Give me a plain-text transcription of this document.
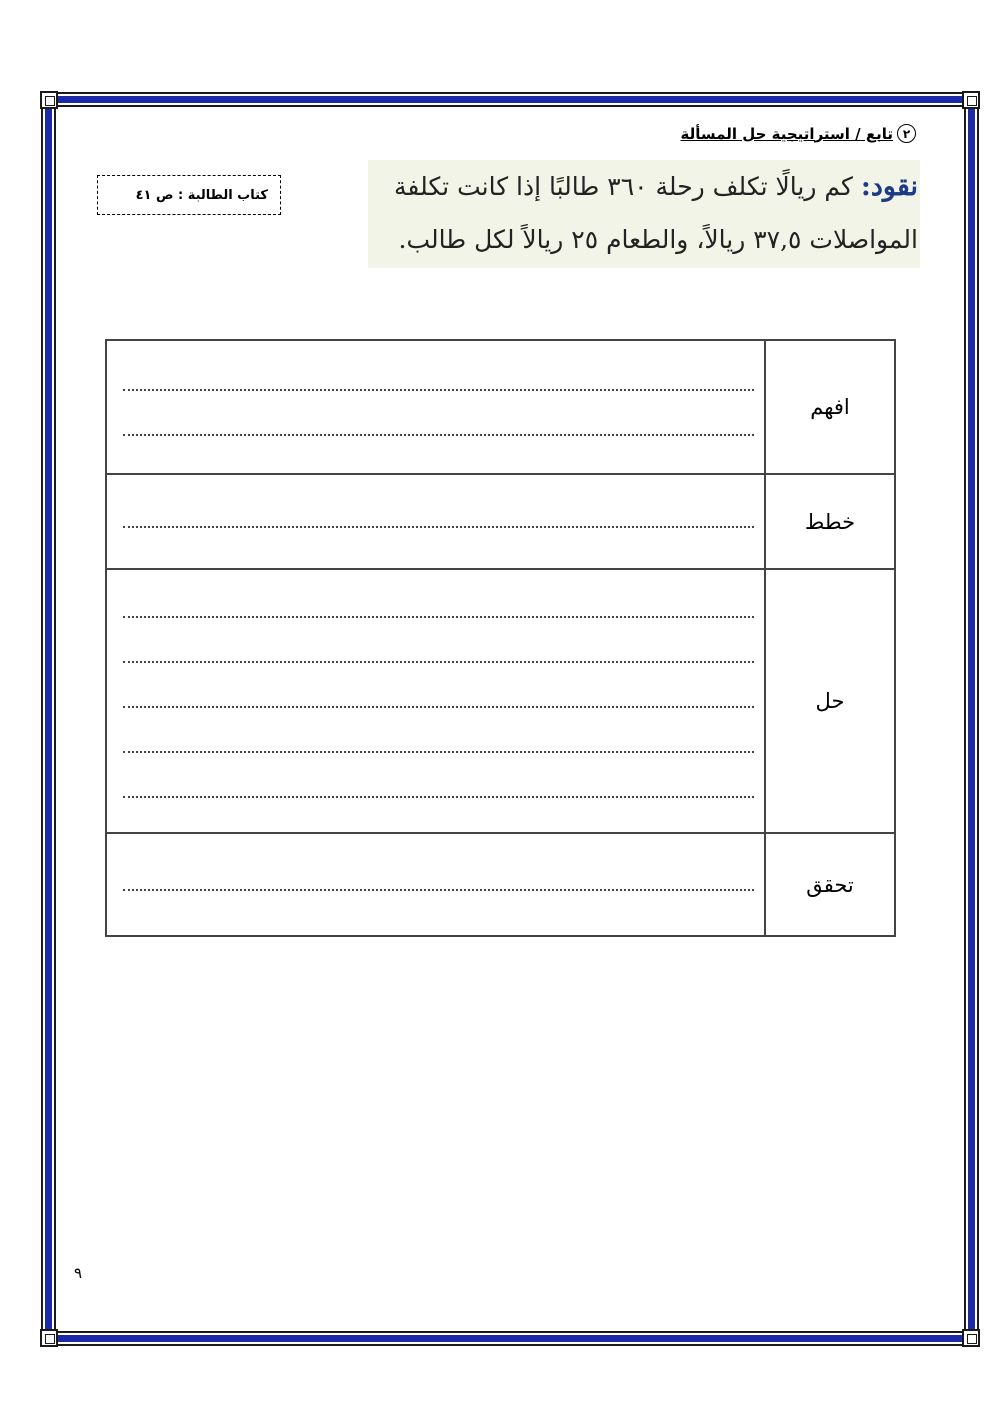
٢
تابع / استراتيجية حل المسألة
كتاب الطالبة : ص ٤١	نقود: كم ريالًا تكلف رحلة ٣٦٠ طالبًا إذا كانت تكلفة المواصلات ٣٧,٥ ريالاً، والطعام ٢٥ ريالاً لكل طالب.

افهم	

خطط	

حل	

تحقق	
٩
